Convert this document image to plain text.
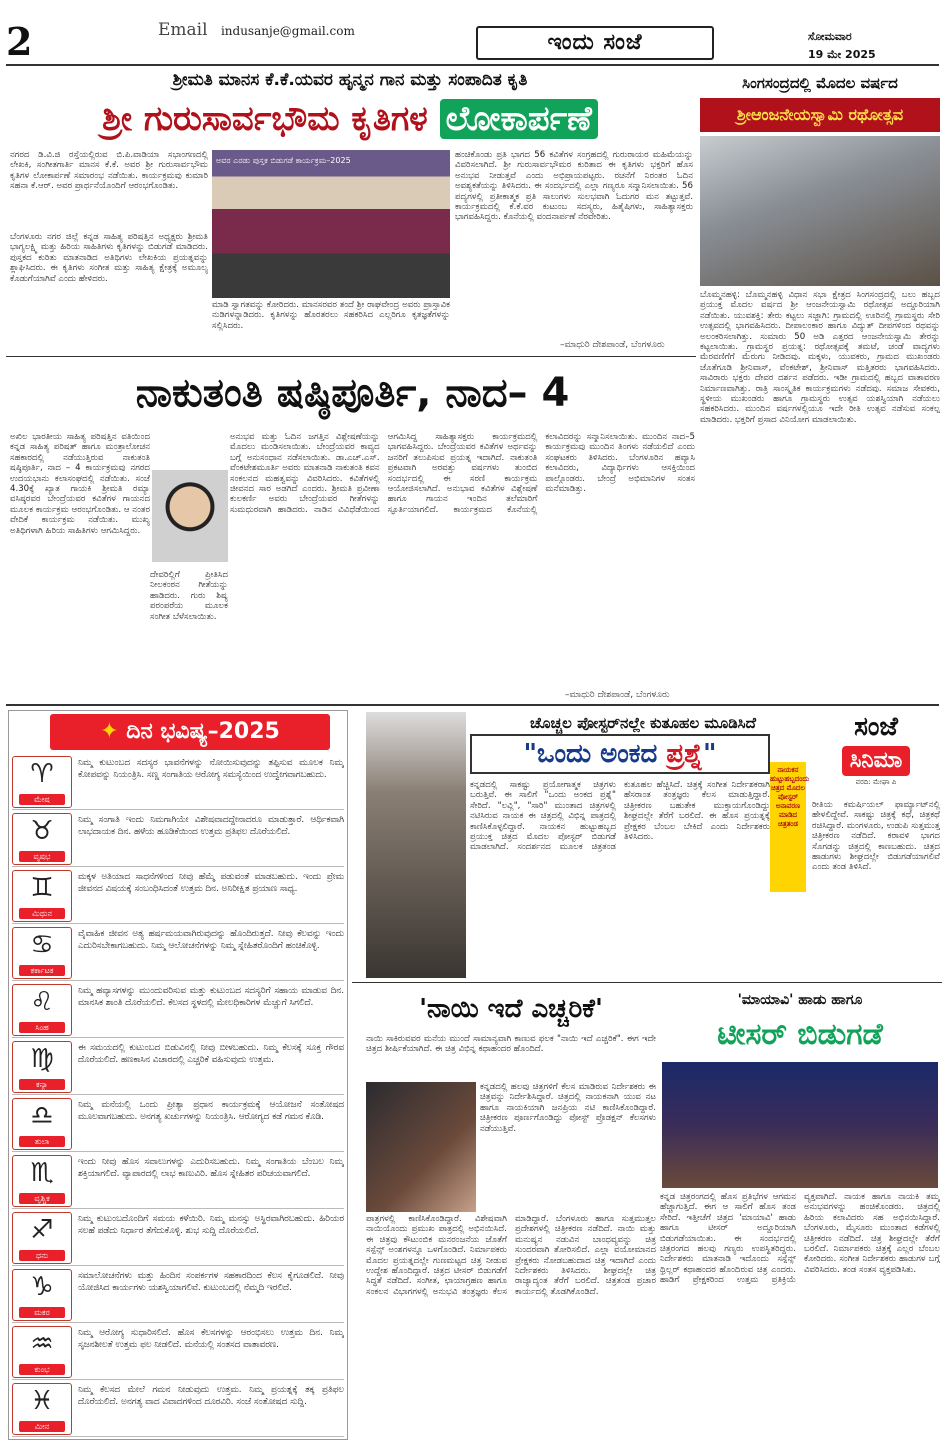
2	Email indusanje@gmail.com	ಇಂದು ಸಂಜೆ	ಸೋಮವಾರ
19 ಮೇ 2025
ಶ್ರೀಮತಿ ಮಾನಸ ಕೆ.ಕೆ.ಯವರ ಹೃನ್ಮನ ಗಾನ ಮತ್ತು ಸಂಪಾದಿತ ಕೃತಿ
ಶ್ರೀ ಗುರುಸಾರ್ವಭೌಮ ಕೃತಿಗಳ ಲೋಕಾರ್ಪಣೆ
ನಗರದ ಡಿ.ವಿ.ಜಿ ರಸ್ತೆಯಲ್ಲಿರುವ ಬಿ.ಪಿ.ವಾಡಿಯಾ ಸಭಾಂಗಣದಲ್ಲಿ ಲೇಖಕಿ, ಸಂಗೀತಗಾರ್ತಿ ಮಾನಸ ಕೆ.ಕೆ. ಅವರ ಶ್ರೀ ಗುರುಸಾರ್ವಭೌಮ ಕೃತಿಗಳ ಲೋಕಾರ್ಪಣೆ ಸಮಾರಂಭ ನಡೆಯಿತು. ಕಾರ್ಯಕ್ರಮವು ಕುಮಾರಿ ಸಹನಾ ಕೆ.ಆರ್. ಅವರ ಪ್ರಾರ್ಥನೆಯೊಂದಿಗೆ ಆರಂಭಗೊಂಡಿತು.
ಬೆಂಗಳೂರು ನಗರ ಜಿಲ್ಲೆ ಕನ್ನಡ ಸಾಹಿತ್ಯ ಪರಿಷತ್ತಿನ ಅಧ್ಯಕ್ಷರು ಶ್ರೀಮತಿ ಭಾಗ್ಯಲಕ್ಷ್ಮಿ ಮತ್ತು ಹಿರಿಯ ಸಾಹಿತಿಗಳು ಕೃತಿಗಳನ್ನು ಬಿಡುಗಡೆ ಮಾಡಿದರು. ಪುಸ್ತಕದ ಕುರಿತು ಮಾತನಾಡಿದ ಅತಿಥಿಗಳು ಲೇಖಕಿಯ ಪ್ರಯತ್ನವನ್ನು ಶ್ಲಾಘಿಸಿದರು. ಈ ಕೃತಿಗಳು ಸಂಗೀತ ಮತ್ತು ಸಾಹಿತ್ಯ ಕ್ಷೇತ್ರಕ್ಕೆ ಅಮೂಲ್ಯ ಕೊಡುಗೆಯಾಗಿವೆ ಎಂದು ಹೇಳಿದರು.
ಅವರ ಎರಡು ಪುಸ್ತಕ ಬಿಡುಗಡೆ ಕಾರ್ಯಕ್ರಮ–2025
ಮಾಡಿ ಸ್ವಾಗತವನ್ನು ಕೋರಿದರು. ಮಾನಸರವರ ತಂದೆ ಶ್ರೀ ರಾಘವೇಂದ್ರ ಅವರು ಪ್ರಾಸ್ತಾವಿಕ ನುಡಿಗಳನ್ನಾಡಿದರು. ಕೃತಿಗಳನ್ನು ಹೊರತರಲು ಸಹಕರಿಸಿದ ಎಲ್ಲರಿಗೂ ಕೃತಜ್ಞತೆಗಳನ್ನು ಸಲ್ಲಿಸಿದರು.
ಹಂಚಿಕೊಂಡು ಪ್ರತಿ ಭಾಗದ 56 ಕವಿತೆಗಳ ಸಂಗ್ರಹದಲ್ಲಿ ಗುರುರಾಯರ ಮಹಿಮೆಯನ್ನು ವಿವರಿಸಲಾಗಿದೆ. ಶ್ರೀ ಗುರುಸಾರ್ವಭೌಮರ ಕುರಿತಾದ ಈ ಕೃತಿಗಳು ಭಕ್ತರಿಗೆ ಹೊಸ ಅನುಭವ ನೀಡುತ್ತವೆ ಎಂದು ಅಭಿಪ್ರಾಯಪಟ್ಟರು. ರಚನೆಗೆ ನಿರಂತರ ಓದಿನ ಅವಶ್ಯಕತೆಯನ್ನು ತಿಳಿಸಿದರು. ಈ ಸಂದರ್ಭದಲ್ಲಿ ಎಲ್ಲಾ ಗಣ್ಯರೂ ಸನ್ಮಾನಿಸಲಾಯಿತು. 56 ಪದ್ಯಗಳಲ್ಲಿ ಪ್ರತೀಕಾತ್ಮಕ ಪ್ರತಿ ಸಾಲುಗಳು ಸುಲಭವಾಗಿ ಓದುಗರ ಮನ ತಟ್ಟುತ್ತವೆ. ಕಾರ್ಯಕ್ರಮದಲ್ಲಿ ಕೆ.ಕೆ.ವರ ಕುಟುಂಬ ಸದಸ್ಯರು, ಹಿತೈಷಿಗಳು, ಸಾಹಿತ್ಯಾಸಕ್ತರು ಭಾಗವಹಿಸಿದ್ದರು. ಕೊನೆಯಲ್ಲಿ ವಂದನಾರ್ಪಣೆ ನೆರವೇರಿತು.
–ಮಾಧುರಿ ದೇಶಪಾಂಡೆ, ಬೆಂಗಳೂರು
ಸಿಂಗಸಂದ್ರದಲ್ಲಿ ಮೊದಲ ವರ್ಷದ
ಶ್ರೀಆಂಜನೇಯಸ್ವಾಮಿ ರಥೋತ್ಸವ
ಬೊಮ್ಮನಹಳ್ಳಿ: ಬೊಮ್ಮನಹಳ್ಳಿ ವಿಧಾನ ಸಭಾ ಕ್ಷೇತ್ರದ ಸಿಂಗಸಂದ್ರದಲ್ಲಿ ಬಲು ಹಬ್ಬದ ಪ್ರಯುಕ್ತ ಮೊದಲ ವರ್ಷದ ಶ್ರೀ ಆಂಜನೇಯಸ್ವಾಮಿ ರಥೋತ್ಸವ ಅದ್ದೂರಿಯಾಗಿ ನಡೆಯಿತು. ಯುವಶಕ್ತಿ: ತೇರು ಕಟ್ಟಲು ಸಜ್ಜಾಗಿ: ಗ್ರಾಮದಲ್ಲಿ ಊರಿನಲ್ಲಿ ಗ್ರಾಮಸ್ಥರು ಸೇರಿ ಉತ್ಸವದಲ್ಲಿ ಭಾಗವಹಿಸಿದರು. ದೀಪಾಲಂಕಾರ ಹಾಗೂ ವಿದ್ಯುತ್ ದೀಪಗಳಿಂದ ರಥವನ್ನು ಅಲಂಕರಿಸಲಾಗಿತ್ತು. ಸುಮಾರು 50 ಅಡಿ ಎತ್ತರದ ಆಂಜನೇಯಸ್ವಾಮಿ ತೇರನ್ನು ಕಟ್ಟಲಾಯಿತು. ಗ್ರಾಮಸ್ಥರ ಪ್ರಯತ್ನ: ರಥೋತ್ಸವಕ್ಕೆ ತಮಟೆ, ಚಂಡೆ ವಾದ್ಯಗಳು ಮೆರವಣಿಗೆಗೆ ಮೆರುಗು ನೀಡಿದವು. ಮಕ್ಕಳು, ಯುವಕರು, ಗ್ರಾಮದ ಮುಖಂಡರು ಜೊತೆಗೂಡಿ ಶ್ರೀನಿವಾಸ್, ವೆಂಕಟೇಶ್, ಶ್ರೀನಿವಾಸ್ ಮತ್ತಿತರರು ಭಾಗವಹಿಸಿದರು. ಸಾವಿರಾರು ಭಕ್ತರು ದೇವರ ದರ್ಶನ ಪಡೆದರು. ಇಡೀ ಗ್ರಾಮದಲ್ಲಿ ಹಬ್ಬದ ವಾತಾವರಣ ನಿರ್ಮಾಣವಾಗಿತ್ತು. ರಾತ್ರಿ ಸಾಂಸ್ಕೃತಿಕ ಕಾರ್ಯಕ್ರಮಗಳು ನಡೆದವು. ಸಮಾಜ ಸೇವಕರು, ಸ್ಥಳೀಯ ಮುಖಂಡರು ಹಾಗೂ ಗ್ರಾಮಸ್ಥರು ಉತ್ಸವ ಯಶಸ್ವಿಯಾಗಿ ನಡೆಯಲು ಸಹಕರಿಸಿದರು. ಮುಂದಿನ ವರ್ಷಗಳಲ್ಲಿಯೂ ಇದೇ ರೀತಿ ಉತ್ಸವ ನಡೆಸುವ ಸಂಕಲ್ಪ ಮಾಡಿದರು. ಭಕ್ತರಿಗೆ ಪ್ರಸಾದ ವಿನಿಯೋಗ ಮಾಡಲಾಯಿತು.
ನಾಕುತಂತಿ ಷಷ್ಠಿಪೂರ್ತಿ, ನಾದ– 4
ಅಖಿಲ ಭಾರತೀಯ ಸಾಹಿತ್ಯ ಪರಿಷತ್ತಿನ ವತಿಯಿಂದ ಕನ್ನಡ ಸಾಹಿತ್ಯ ಪರಿಷತ್ ಹಾಗೂ ಮಂತ್ರಾಲೋಚನ ಸಹಕಾರದಲ್ಲಿ ನಡೆಯುತ್ತಿರುವ ನಾಕುತಂತಿ ಷಷ್ಠಿಪೂರ್ತಿ, ನಾದ – 4 ಕಾರ್ಯಕ್ರಮವು ನಗರದ ಉದಯಭಾನು ಕಲಾಸಂಘದಲ್ಲಿ ನಡೆಯಿತು. ಸಂಜೆ 4.30ಕ್ಕೆ ಖ್ಯಾತ ಗಾಯಕಿ ಶ್ರೀಮತಿ ರಮ್ಯಾ ವಸಿಷ್ಠರವರ ಬೇಂದ್ರೆಯವರ ಕವಿತೆಗಳ ಗಾಯನದ ಮೂಲಕ ಕಾರ್ಯಕ್ರಮ ಆರಂಭಗೊಂಡಿತು. ಆ ನಂತರ ವೇದಿಕೆ ಕಾರ್ಯಕ್ರಮ ನಡೆಯಿತು. ಮುಖ್ಯ ಅತಿಥಿಗಳಾಗಿ ಹಿರಿಯ ಸಾಹಿತಿಗಳು ಆಗಮಿಸಿದ್ದರು.
ದೇವರಿಲ್ಲಿಗೆ ಪ್ರೀತಿಸಿದ ನೀಲಕಂಠನ ಗೀತೆಯನ್ನು ಹಾಡಿದರು. ಗುರು ಶಿಷ್ಯ ಪರಂಪರೆಯ ಮೂಲಕ ಸಂಗೀತ ಬೆಳೆಸಲಾಯಿತು.
ಅನುಭವ ಮತ್ತು ಓದಿನ ಜಗತ್ತಿನ ವಿಶ್ಲೇಷಣೆಯನ್ನು ಮೊದಲು ಮಂಡಿಸಲಾಯಿತು. ಬೇಂದ್ರೆಯವರ ಕಾವ್ಯದ ಬಗ್ಗೆ ಅನುಸಂಧಾನ ನಡೆಸಲಾಯಿತು. ಡಾ.ಎಚ್.ಎಸ್. ವೆಂಕಟೇಶಮೂರ್ತಿ ಅವರು ಮಾತನಾಡಿ ನಾಕುತಂತಿ ಕವನ ಸಂಕಲನದ ಮಹತ್ವವನ್ನು ವಿವರಿಸಿದರು. ಕವಿತೆಗಳಲ್ಲಿ ಜೀವನದ ಸಾರ ಅಡಗಿದೆ ಎಂದರು. ಶ್ರೀಮತಿ ಪ್ರವೀಣಾ ಕುಲಕರ್ಣಿ ಅವರು ಬೇಂದ್ರೆಯವರ ಗೀತೆಗಳನ್ನು ಸುಮಧುರವಾಗಿ ಹಾಡಿದರು. ನಾಡಿನ ವಿವಿಧೆಡೆಯಿಂದ ಆಗಮಿಸಿದ್ದ ಸಾಹಿತ್ಯಾಸಕ್ತರು ಕಾರ್ಯಕ್ರಮದಲ್ಲಿ ಭಾಗವಹಿಸಿದ್ದರು. ಬೇಂದ್ರೆಯವರ ಕವಿತೆಗಳ ಅರ್ಥವನ್ನು ಜನರಿಗೆ ತಲುಪಿಸುವ ಪ್ರಯತ್ನ ಇದಾಗಿದೆ. ನಾಕುತಂತಿ ಪ್ರಕಟವಾಗಿ ಅರವತ್ತು ವರ್ಷಗಳು ತುಂಬಿದ ಸಂದರ್ಭದಲ್ಲಿ ಈ ಸರಣಿ ಕಾರ್ಯಕ್ರಮ ಆಯೋಜಿಸಲಾಗಿದೆ. ಅನುಭಾವ ಕವಿತೆಗಳ ವಿಶ್ಲೇಷಣೆ ಹಾಗೂ ಗಾಯನ ಇಂದಿನ ತಲೆಮಾರಿಗೆ ಸ್ಫೂರ್ತಿಯಾಗಲಿದೆ. ಕಾರ್ಯಕ್ರಮದ ಕೊನೆಯಲ್ಲಿ ಕಲಾವಿದರನ್ನು ಸನ್ಮಾನಿಸಲಾಯಿತು. ಮುಂದಿನ ನಾದ–5 ಕಾರ್ಯಕ್ರಮವು ಮುಂದಿನ ತಿಂಗಳು ನಡೆಯಲಿದೆ ಎಂದು ಸಂಘಟಕರು ತಿಳಿಸಿದರು. ಬೆಂಗಳೂರಿನ ಹವ್ಯಾಸಿ ಕಲಾವಿದರು, ವಿದ್ಯಾರ್ಥಿಗಳು ಆಸಕ್ತಿಯಿಂದ ಪಾಲ್ಗೊಂಡರು. ಬೇಂದ್ರೆ ಅಭಿಮಾನಿಗಳ ಸಂತಸ ಮನೆಮಾಡಿತ್ತು.
–ಮಾಧುರಿ ದೇಶಪಾಂಡೆ, ಬೆಂಗಳೂರು
✦ ದಿನ ಭವಿಷ್ಯ–2025
♈
ಮೇಷ
ನಿಮ್ಮ ಕುಟುಂಬದ ಸದಸ್ಯರ ಭಾವನೆಗಳನ್ನು ನೋಯಿಸುವುದನ್ನು ತಪ್ಪಿಸುವ ಮೂಲಕ ನಿಮ್ಮ ಕೋಪವನ್ನು ನಿಯಂತ್ರಿಸಿ. ಸಣ್ಣ ಸಂಗಾತಿಯ ಆರೋಗ್ಯ ಸಮಸ್ಯೆಯಿಂದ ಉದ್ವೇಗವಾಗಬಹುದು.
♉
ವೃಷಭ
ನಿಮ್ಮ ಸಂಗಾತಿ ಇಂದು ನಿಮಗಾಗಿಯೇ ವಿಶೇಷವಾದದ್ದೇನಾದರೂ ಮಾಡುತ್ತಾರೆ. ಆರ್ಥಿಕವಾಗಿ ಲಾಭದಾಯಕ ದಿನ. ಹಳೆಯ ಹೂಡಿಕೆಯಿಂದ ಉತ್ತಮ ಪ್ರತಿಫಲ ದೊರೆಯಲಿದೆ.
♊
ಮಿಥುನ
ಮಕ್ಕಳ ಅತಿಯಾದ ಸಾಧನೆಗಳಿಂದ ನೀವು ಹೆಮ್ಮೆ ಪಡುವಂತೆ ಮಾಡಬಹುದು. ಇಂದು ಪ್ರೇಮ ಜೀವನದ ವಿಷಯಕ್ಕೆ ಸಂಬಂಧಿಸಿದಂತೆ ಉತ್ತಮ ದಿನ. ಅನಿರೀಕ್ಷಿತ ಪ್ರಯಾಣ ಸಾಧ್ಯ.
♋
ಕರ್ಕಾಟಕ
ವೈವಾಹಿಕ ಜೀವನ ಅತ್ಯ ಹರ್ಷಮಯವಾಗಿರುವುದನ್ನು ಹೊಂದಿರುತ್ತದೆ. ನೀವು ಕೆಲವನ್ನು ಇಂದು ಎದುರಿಸಬೇಕಾಗಬಹುದು. ನಿಮ್ಮ ಆಲೋಚನೆಗಳನ್ನು ನಿಮ್ಮ ಸ್ನೇಹಿತರೊಂದಿಗೆ ಹಂಚಿಕೊಳ್ಳಿ.
♌
ಸಿಂಹ
ನಿಮ್ಮ ಹವ್ಯಾಸಗಳನ್ನು ಮುಂದುವರಿಸುವ ಮತ್ತು ಕುಟುಂಬದ ಸದಸ್ಯರಿಗೆ ಸಹಾಯ ಮಾಡುವ ದಿನ. ಮಾನಸಿಕ ಶಾಂತಿ ದೊರೆಯಲಿದೆ. ಕೆಲಸದ ಸ್ಥಳದಲ್ಲಿ ಮೇಲಧಿಕಾರಿಗಳ ಮೆಚ್ಚುಗೆ ಸಿಗಲಿದೆ.
♍
ಕನ್ಯಾ
ಈ ಸಮಯದಲ್ಲಿ ಕುಟುಂಬದ ಬಿಡುವಿನಲ್ಲಿ ನೀವು ಬೀಳಬಹುದು. ನಿಮ್ಮ ಕೆಲಸಕ್ಕೆ ಸೂಕ್ತ ಗೌರವ ದೊರೆಯಲಿದೆ. ಹಣಕಾಸಿನ ವಿಚಾರದಲ್ಲಿ ಎಚ್ಚರಿಕೆ ವಹಿಸುವುದು ಉತ್ತಮ.
♎
ತುಲಾ
ನಿಮ್ಮ ಮನೆಯಲ್ಲಿ ಒಂದು ಪ್ರೀತ್ಯಾ ಪ್ರಧಾನ ಕಾರ್ಯಕ್ರಮಕ್ಕೆ ಆಯೋಜನೆ ಸಂತೋಷದ ಮೂಲವಾಗಬಹುದು. ಅನಗತ್ಯ ಖರ್ಚುಗಳನ್ನು ನಿಯಂತ್ರಿಸಿ. ಆರೋಗ್ಯದ ಕಡೆ ಗಮನ ಕೊಡಿ.
♏
ವೃಶ್ಚಿಕ
ಇಂದು ನೀವು ಹೊಸ ಸವಾಲುಗಳನ್ನು ಎದುರಿಸಬಹುದು. ನಿಮ್ಮ ಸಂಗಾತಿಯ ಬೆಂಬಲ ನಿಮ್ಮ ಶಕ್ತಿಯಾಗಲಿದೆ. ವ್ಯಾಪಾರದಲ್ಲಿ ಲಾಭ ಕಾಣುವಿರಿ. ಹೊಸ ಸ್ನೇಹಿತರ ಪರಿಚಯವಾಗಲಿದೆ.
♐
ಧನು
ನಿಮ್ಮ ಕುಟುಂಬದೊಂದಿಗೆ ಸಮಯ ಕಳೆಯಿರಿ. ನಿಮ್ಮ ಮನಸ್ಸು ಅಸ್ಥಿರವಾಗಿರಬಹುದು. ಹಿರಿಯರ ಸಲಹೆ ಪಡೆದು ನಿರ್ಧಾರ ತೆಗೆದುಕೊಳ್ಳಿ. ಶುಭ ಸುದ್ದಿ ದೊರೆಯಲಿದೆ.
♑
ಮಕರ
ಸಮಾಲೋಚನೆಗಳು ಮತ್ತು ಹಿಂದಿನ ಸಂಪರ್ಕಗಳ ಸಹಕಾರದಿಂದ ಕೆಲಸ ಕೈಗೂಡಲಿದೆ. ನೀವು ಯೋಜಿಸಿದ ಕಾರ್ಯಗಳು ಯಶಸ್ವಿಯಾಗಲಿವೆ. ಕುಟುಂಬದಲ್ಲಿ ನೆಮ್ಮದಿ ಇರಲಿದೆ.
♒
ಕುಂಭ
ನಿಮ್ಮ ಆರೋಗ್ಯ ಸುಧಾರಿಸಲಿದೆ. ಹೊಸ ಕೆಲಸಗಳನ್ನು ಆರಂಭಿಸಲು ಉತ್ತಮ ದಿನ. ನಿಮ್ಮ ಸೃಜನಶೀಲತೆ ಉತ್ತಮ ಫಲ ನೀಡಲಿದೆ. ಮನೆಯಲ್ಲಿ ಸಂತಸದ ವಾತಾವರಣ.
♓
ಮೀನ
ನಿಮ್ಮ ಕೆಲಸದ ಮೇಲೆ ಗಮನ ನೀಡುವುದು ಉತ್ತಮ. ನಿಮ್ಮ ಪ್ರಯತ್ನಕ್ಕೆ ತಕ್ಕ ಪ್ರತಿಫಲ ದೊರೆಯಲಿದೆ. ಅನಗತ್ಯ ವಾದ ವಿವಾದಗಳಿಂದ ದೂರವಿರಿ. ಸಂಜೆ ಸಂತೋಷದ ಸುದ್ದಿ.
ಚೊಚ್ಚಲ ಪೋಸ್ಟರ್‌ನಲ್ಲೇ ಕುತೂಹಲ ಮೂಡಿಸಿದೆ
"ಒಂದು ಅಂಕದ ಪ್ರಶ್ನೆ"
ನಾಯಕನ ಹುಟ್ಟುಹಬ್ಬದಂದು ಚಿತ್ರದ ಮೊದಲ ಪೋಸ್ಟರ್ ಅನಾವರಣ ಮಾಡಿದ ಚಿತ್ರತಂಡ
ಸಂಜೆ
ಸಿನಿಮಾ
ವರದಿ: ಮೇಘಾ ಪಿ
ಕನ್ನಡದಲ್ಲಿ ಸಾಕಷ್ಟು ಪ್ರಯೋಗಾತ್ಮಕ ಚಿತ್ರಗಳು ಬರುತ್ತಿವೆ. ಈ ಸಾಲಿಗೆ "ಒಂದು ಅಂಕದ ಪ್ರಶ್ನೆ" ಸೇರಿದೆ. "ಲವ್ಲಿ", "ಸಾರಿ" ಮುಂತಾದ ಚಿತ್ರಗಳಲ್ಲಿ ನಟಿಸಿರುವ ನಾಯಕ ಈ ಚಿತ್ರದಲ್ಲಿ ವಿಭಿನ್ನ ಪಾತ್ರದಲ್ಲಿ ಕಾಣಿಸಿಕೊಳ್ಳಲಿದ್ದಾರೆ. ನಾಯಕನ ಹುಟ್ಟುಹಬ್ಬದ ಪ್ರಯುಕ್ತ ಚಿತ್ರದ ಮೊದಲ ಪೋಸ್ಟರ್ ಬಿಡುಗಡೆ ಮಾಡಲಾಗಿದೆ. ಸಂದರ್ಶನದ ಮೂಲಕ ಚಿತ್ರತಂಡ ಕುತೂಹಲ ಹೆಚ್ಚಿಸಿದೆ. ಚಿತ್ರಕ್ಕೆ ಸಂಗೀತ ನಿರ್ದೇಶಕರಾಗಿ ಹೆಸರಾಂತ ತಂತ್ರಜ್ಞರು ಕೆಲಸ ಮಾಡುತ್ತಿದ್ದಾರೆ. ಚಿತ್ರೀಕರಣ ಬಹುತೇಕ ಮುಕ್ತಾಯಗೊಂಡಿದ್ದು ಶೀಘ್ರದಲ್ಲೇ ತೆರೆಗೆ ಬರಲಿದೆ. ಈ ಹೊಸ ಪ್ರಯತ್ನಕ್ಕೆ ಪ್ರೇಕ್ಷಕರ ಬೆಂಬಲ ಬೇಕಿದೆ ಎಂದು ನಿರ್ದೇಶಕರು ತಿಳಿಸಿದರು.
ರೀತಿಯ ಕಮರ್ಷಿಯಲ್ ಫಾರ್ಮ್ಯಾಟ್‌ನಲ್ಲಿ ಹೇಳಲಿದ್ದೇವೆ. ಸಾಕಷ್ಟು ಚಿತ್ರಕ್ಕೆ ಕಥೆ, ಚಿತ್ರಕಥೆ ರಚಿಸಿದ್ದಾರೆ. ಮಂಗಳೂರು, ಉಡುಪಿ ಸುತ್ತಮುತ್ತ ಚಿತ್ರೀಕರಣ ನಡೆದಿದೆ. ಕರಾವಳಿ ಭಾಗದ ಸೊಗಡನ್ನು ಚಿತ್ರದಲ್ಲಿ ಕಾಣಬಹುದು. ಚಿತ್ರದ ಹಾಡುಗಳು ಶೀಘ್ರದಲ್ಲೇ ಬಿಡುಗಡೆಯಾಗಲಿವೆ ಎಂದು ತಂಡ ತಿಳಿಸಿದೆ.
'ನಾಯಿ ಇದೆ ಎಚ್ಚರಿಕೆ'
ನಾಯಿ ಸಾಕಿರುವವರ ಮನೆಯ ಮುಂದೆ ಸಾಮಾನ್ಯವಾಗಿ ಕಾಣುವ ಫಲಕ "ನಾಯಿ ಇದೆ ಎಚ್ಚರಿಕೆ". ಈಗ ಇದೇ ಚಿತ್ರದ ಶೀರ್ಷಿಕೆಯಾಗಿದೆ. ಈ ಚಿತ್ರ ವಿಭಿನ್ನ ಕಥಾಹಂದರ ಹೊಂದಿದೆ.
ಕನ್ನಡದಲ್ಲಿ ಹಲವು ಚಿತ್ರಗಳಿಗೆ ಕೆಲಸ ಮಾಡಿರುವ ನಿರ್ದೇಶಕರು ಈ ಚಿತ್ರವನ್ನು ನಿರ್ದೇಶಿಸಿದ್ದಾರೆ. ಚಿತ್ರದಲ್ಲಿ ನಾಯಕನಾಗಿ ಯುವ ನಟ ಹಾಗೂ ನಾಯಕಿಯಾಗಿ ಜನಪ್ರಿಯ ನಟಿ ಕಾಣಿಸಿಕೊಂಡಿದ್ದಾರೆ. ಚಿತ್ರೀಕರಣ ಪೂರ್ಣಗೊಂಡಿದ್ದು ಪೋಸ್ಟ್ ಪ್ರೊಡಕ್ಷನ್ ಕೆಲಸಗಳು ನಡೆಯುತ್ತಿವೆ.
ಪಾತ್ರಗಳಲ್ಲಿ ಕಾಣಿಸಿಕೊಂಡಿದ್ದಾರೆ. ವಿಶೇಷವಾಗಿ ನಾಯಿಯೊಂದು ಪ್ರಮುಖ ಪಾತ್ರದಲ್ಲಿ ಅಭಿನಯಿಸಿದೆ. ಈ ಚಿತ್ರವು ಕೌಟುಂಬಿಕ ಮನರಂಜನೆಯ ಜೊತೆಗೆ ಸಸ್ಪೆನ್ಸ್ ಅಂಶಗಳನ್ನೂ ಒಳಗೊಂಡಿದೆ. ನಿರ್ಮಾಪಕರು ಮೊದಲ ಪ್ರಯತ್ನದಲ್ಲೇ ಗುಣಮಟ್ಟದ ಚಿತ್ರ ನೀಡುವ ಉದ್ದೇಶ ಹೊಂದಿದ್ದಾರೆ. ಚಿತ್ರದ ಟೀಸರ್ ಬಿಡುಗಡೆಗೆ ಸಿದ್ಧತೆ ನಡೆದಿದೆ. ಸಂಗೀತ, ಛಾಯಾಗ್ರಹಣ ಹಾಗೂ ಸಂಕಲನ ವಿಭಾಗಗಳಲ್ಲಿ ಅನುಭವಿ ತಂತ್ರಜ್ಞರು ಕೆಲಸ ಮಾಡಿದ್ದಾರೆ. ಬೆಂಗಳೂರು ಹಾಗೂ ಸುತ್ತಮುತ್ತಲ ಪ್ರದೇಶಗಳಲ್ಲಿ ಚಿತ್ರೀಕರಣ ನಡೆದಿದೆ. ನಾಯಿ ಮತ್ತು ಮನುಷ್ಯನ ನಡುವಿನ ಬಾಂಧವ್ಯವನ್ನು ಚಿತ್ರ ಸುಂದರವಾಗಿ ತೋರಿಸಲಿದೆ. ಎಲ್ಲಾ ವಯೋಮಾನದ ಪ್ರೇಕ್ಷಕರು ನೋಡಬಹುದಾದ ಚಿತ್ರ ಇದಾಗಿದೆ ಎಂದು ನಿರ್ದೇಶಕರು ತಿಳಿಸಿದರು. ಶೀಘ್ರದಲ್ಲೇ ಚಿತ್ರ ರಾಜ್ಯಾದ್ಯಂತ ತೆರೆಗೆ ಬರಲಿದೆ. ಚಿತ್ರತಂಡ ಪ್ರಚಾರ ಕಾರ್ಯದಲ್ಲಿ ತೊಡಗಿಕೊಂಡಿದೆ.
'ಮಾಯಾವಿ' ಹಾಡು ಹಾಗೂ
ಟೀಸರ್ ಬಿಡುಗಡೆ
ಕನ್ನಡ ಚಿತ್ರರಂಗದಲ್ಲಿ ಹೊಸ ಪ್ರತಿಭೆಗಳ ಆಗಮನ ಹೆಚ್ಚಾಗುತ್ತಿದೆ. ಈಗ ಆ ಸಾಲಿಗೆ ಹೊಸ ತಂಡ ಸೇರಿದೆ. ಇತ್ತೀಚೆಗೆ ಚಿತ್ರದ 'ಮಾಯಾವಿ' ಹಾಡು ಹಾಗೂ ಟೀಸರ್ ಅದ್ದೂರಿಯಾಗಿ ಬಿಡುಗಡೆಯಾಯಿತು. ಈ ಸಂದರ್ಭದಲ್ಲಿ ಚಿತ್ರರಂಗದ ಹಲವು ಗಣ್ಯರು ಉಪಸ್ಥಿತರಿದ್ದರು. ನಿರ್ದೇಶಕರು ಮಾತನಾಡಿ ಇದೊಂದು ಸಸ್ಪೆನ್ಸ್ ಥ್ರಿಲ್ಲರ್ ಕಥಾಹಂದರ ಹೊಂದಿರುವ ಚಿತ್ರ ಎಂದರು. ಹಾಡಿಗೆ ಪ್ರೇಕ್ಷಕರಿಂದ ಉತ್ತಮ ಪ್ರತಿಕ್ರಿಯೆ ವ್ಯಕ್ತವಾಗಿದೆ. ನಾಯಕ ಹಾಗೂ ನಾಯಕಿ ತಮ್ಮ ಅನುಭವಗಳನ್ನು ಹಂಚಿಕೊಂಡರು. ಚಿತ್ರದಲ್ಲಿ ಹಿರಿಯ ಕಲಾವಿದರು ಸಹ ಅಭಿನಯಿಸಿದ್ದಾರೆ. ಬೆಂಗಳೂರು, ಮೈಸೂರು ಮುಂತಾದ ಕಡೆಗಳಲ್ಲಿ ಚಿತ್ರೀಕರಣ ನಡೆದಿದೆ. ಚಿತ್ರ ಶೀಘ್ರದಲ್ಲೇ ತೆರೆಗೆ ಬರಲಿದೆ. ನಿರ್ಮಾಪಕರು ಚಿತ್ರಕ್ಕೆ ಎಲ್ಲರ ಬೆಂಬಲ ಕೋರಿದರು. ಸಂಗೀತ ನಿರ್ದೇಶಕರು ಹಾಡುಗಳ ಬಗ್ಗೆ ವಿವರಿಸಿದರು. ತಂಡ ಸಂತಸ ವ್ಯಕ್ತಪಡಿಸಿತು.
